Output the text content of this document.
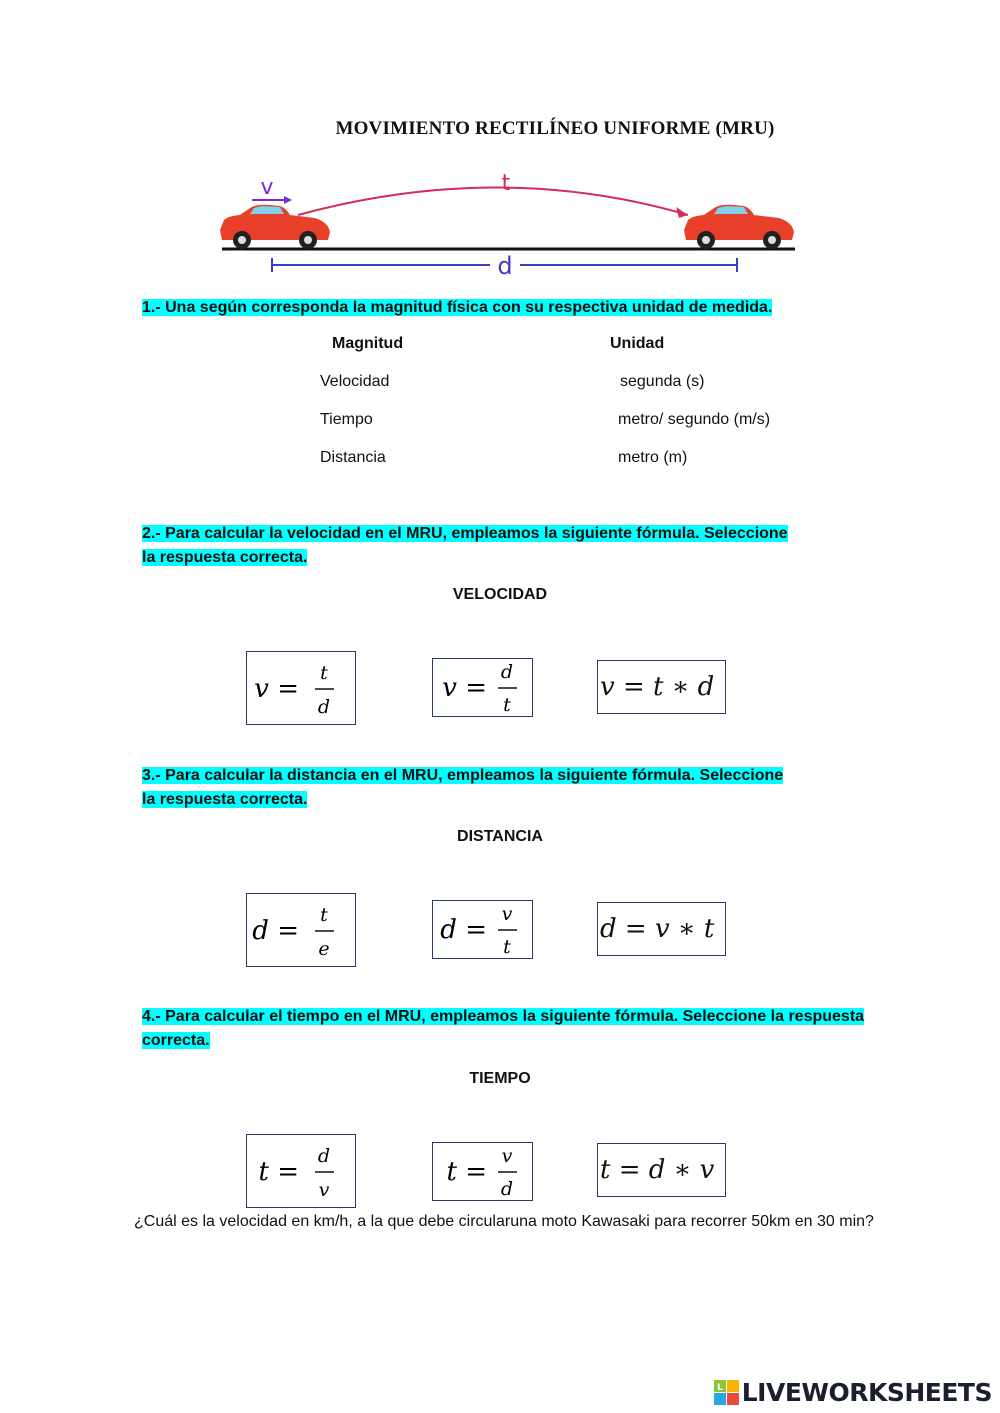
MOVIMIENTO RECTILÍNEO UNIFORME (MRU)
d
t
v
1.- Una según corresponda la magnitud física con su respectiva unidad de medida.
Magnitud	Unidad
Velocidad
Tiempo
Distancia
segunda (s)
metro/ segundo (m/s)
metro (m)
2.- Para calcular la velocidad en el MRU, empleamos la siguiente fórmula. Seleccione
la respuesta correcta.
VELOCIDAD
v =
t
d
v =
d
t
v = t ∗ d
3.- Para calcular la distancia en el MRU, empleamos la siguiente fórmula. Seleccione
la respuesta correcta.
DISTANCIA
d =
t
e
d =
v
t
d = v ∗ t
4.- Para calcular el tiempo en el MRU, empleamos la siguiente fórmula. Seleccione la respuesta
correcta.
TIEMPO
t =
d
v
t =
v
d
t = d ∗ v
¿Cuál es la velocidad en km/h, a la que debe circularuna moto Kawasaki para recorrer 50km en 30 min?
L LIVEWORKSHEETS
